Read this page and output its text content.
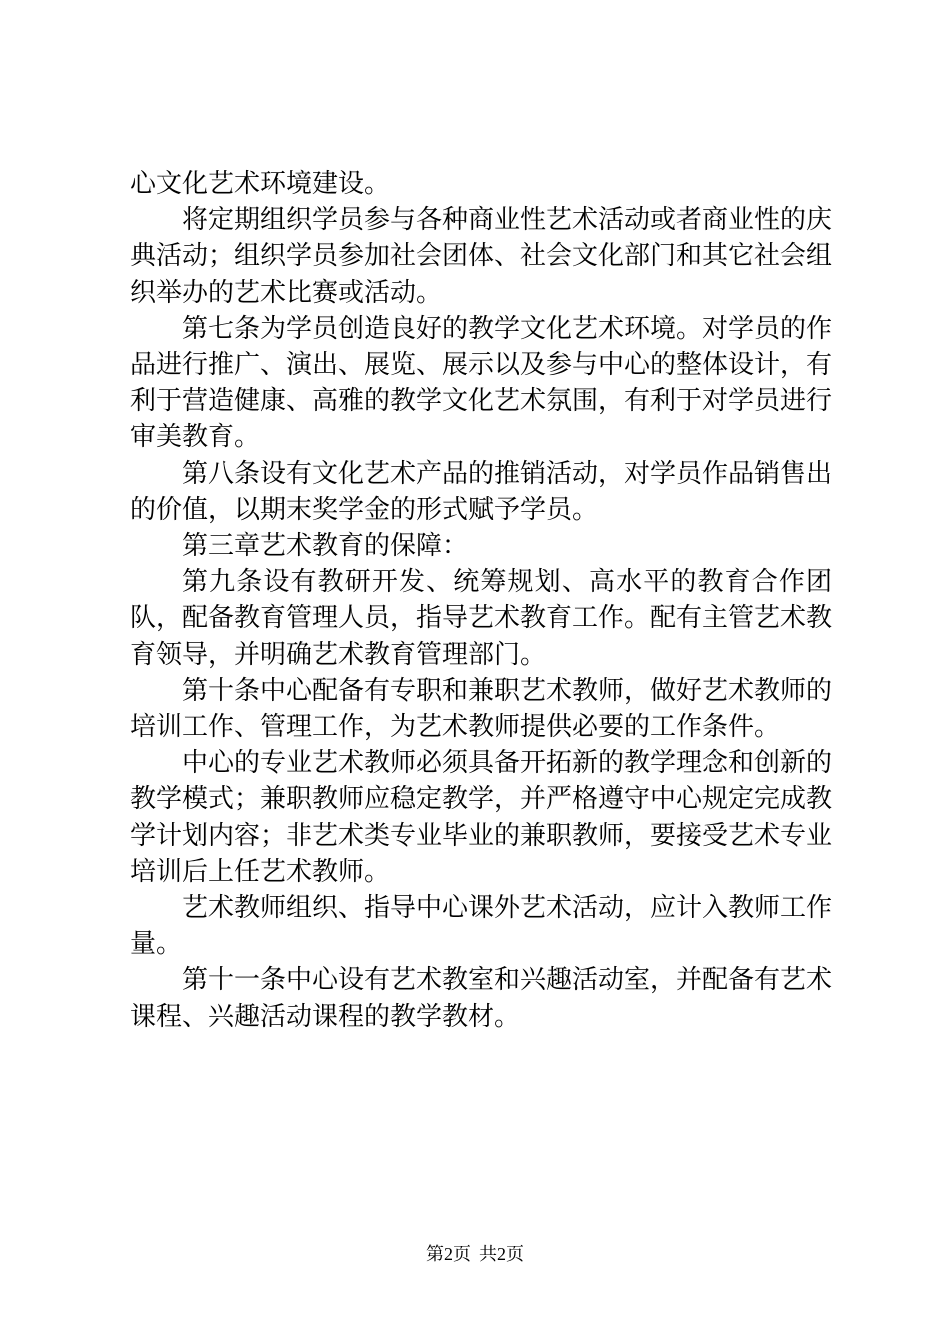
心文化艺术环境建设。

将定期组织学员参与各种商业性艺术活动或者商业性的庆典活动；组织学员参加社会团体、社会文化部门和其它社会组织举办的艺术比赛或活动。

第七条为学员创造良好的教学文化艺术环境。对学员的作品进行推广、演出、展览、展示以及参与中心的整体设计，有利于营造健康、高雅的教学文化艺术氛围，有利于对学员进行审美教育。

第八条设有文化艺术产品的推销活动，对学员作品销售出的价值，以期末奖学金的形式赋予学员。

第三章艺术教育的保障：

第九条设有教研开发、统筹规划、高水平的教育合作团队，配备教育管理人员，指导艺术教育工作。配有主管艺术教育领导，并明确艺术教育管理部门。

第十条中心配备有专职和兼职艺术教师，做好艺术教师的培训工作、管理工作，为艺术教师提供必要的工作条件。

中心的专业艺术教师必须具备开拓新的教学理念和创新的教学模式；兼职教师应稳定教学，并严格遵守中心规定完成教学计划内容；非艺术类专业毕业的兼职教师，要接受艺术专业培训后上任艺术教师。

艺术教师组织、指导中心课外艺术活动，应计入教师工作量。

第十一条中心设有艺术教室和兴趣活动室，并配备有艺术课程、兴趣活动课程的教学教材。

第2页 共2页
